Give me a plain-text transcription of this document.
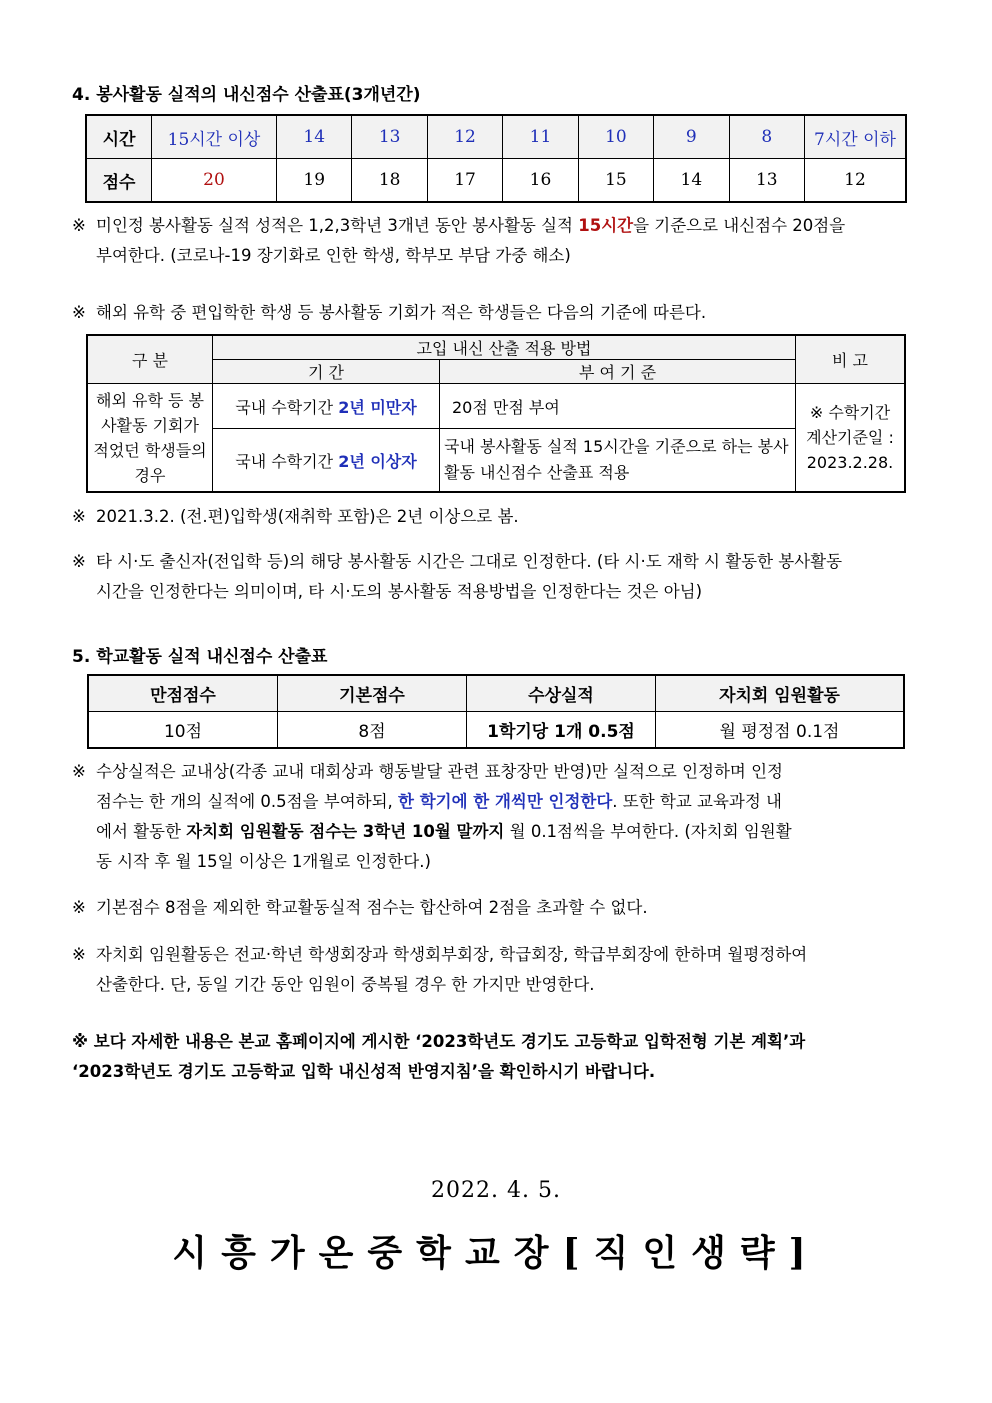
4. 봉사활동 실적의 내신점수 산출표(3개년간)
시간	15시간 이상	14	13	12	11	10	9	8	7시간 이하
점수	20	19	18	17	16	15	14	13	12
※ 미인정 봉사활동 실적 성적은 1,2,3학년 3개년 동안 봉사활동 실적 15시간을 기준으로 내신점수 20점을
부여한다. (코로나-19 장기화로 인한 학생, 학부모 부담 가중 해소)
※ 해외 유학 중 편입학한 학생 등 봉사활동 기회가 적은 학생들은 다음의 기준에 따른다.
구 분	고입 내신 산출 적용 방법		비 고
	기 간	부 여 기 준	
해외 유학 등 봉사활동 기회가 적었던 학생들의 경우	국내 수학기간 2년 미만자	20점 만점 부여	※ 수학기간 계산기준일 : 2023.2.28.
	국내 수학기간 2년 이상자	국내 봉사활동 실적 15시간을 기준으로 하는 봉사활동 내신점수 산출표 적용	
※ 2021.3.2. (전.편)입학생(재취학 포함)은 2년 이상으로 봄.
※ 타 시·도 출신자(전입학 등)의 해당 봉사활동 시간은 그대로 인정한다. (타 시·도 재학 시 활동한 봉사활동
시간을 인정한다는 의미이며, 타 시·도의 봉사활동 적용방법을 인정한다는 것은 아님)
5. 학교활동 실적 내신점수 산출표
만점점수	기본점수	수상실적	자치회 임원활동
10점	8점	1학기당 1개 0.5점	월 평정점 0.1점
※ 수상실적은 교내상(각종 교내 대회상과 행동발달 관련 표창장만 반영)만 실적으로 인정하며 인정
점수는 한 개의 실적에 0.5점을 부여하되, 한 학기에 한 개씩만 인정한다. 또한 학교 교육과정 내
에서 활동한 자치회 임원활동 점수는 3학년 10월 말까지 월 0.1점씩을 부여한다. (자치회 임원활
동 시작 후 월 15일 이상은 1개월로 인정한다.)
※ 기본점수 8점을 제외한 학교활동실적 점수는 합산하여 2점을 초과할 수 없다.
※ 자치회 임원활동은 전교·학년 학생회장과 학생회부회장, 학급회장, 학급부회장에 한하며 월평정하여
산출한다. 단, 동일 기간 동안 임원이 중복될 경우 한 가지만 반영한다.
※ 보다 자세한 내용은 본교 홈페이지에 게시한 ‘2023학년도 경기도 고등학교 입학전형 기본 계획’과
‘2023학년도 경기도 고등학교 입학 내신성적 반영지침’을 확인하시기 바랍니다.
2022. 4. 5.
시흥가온중학교장[직인생략]
